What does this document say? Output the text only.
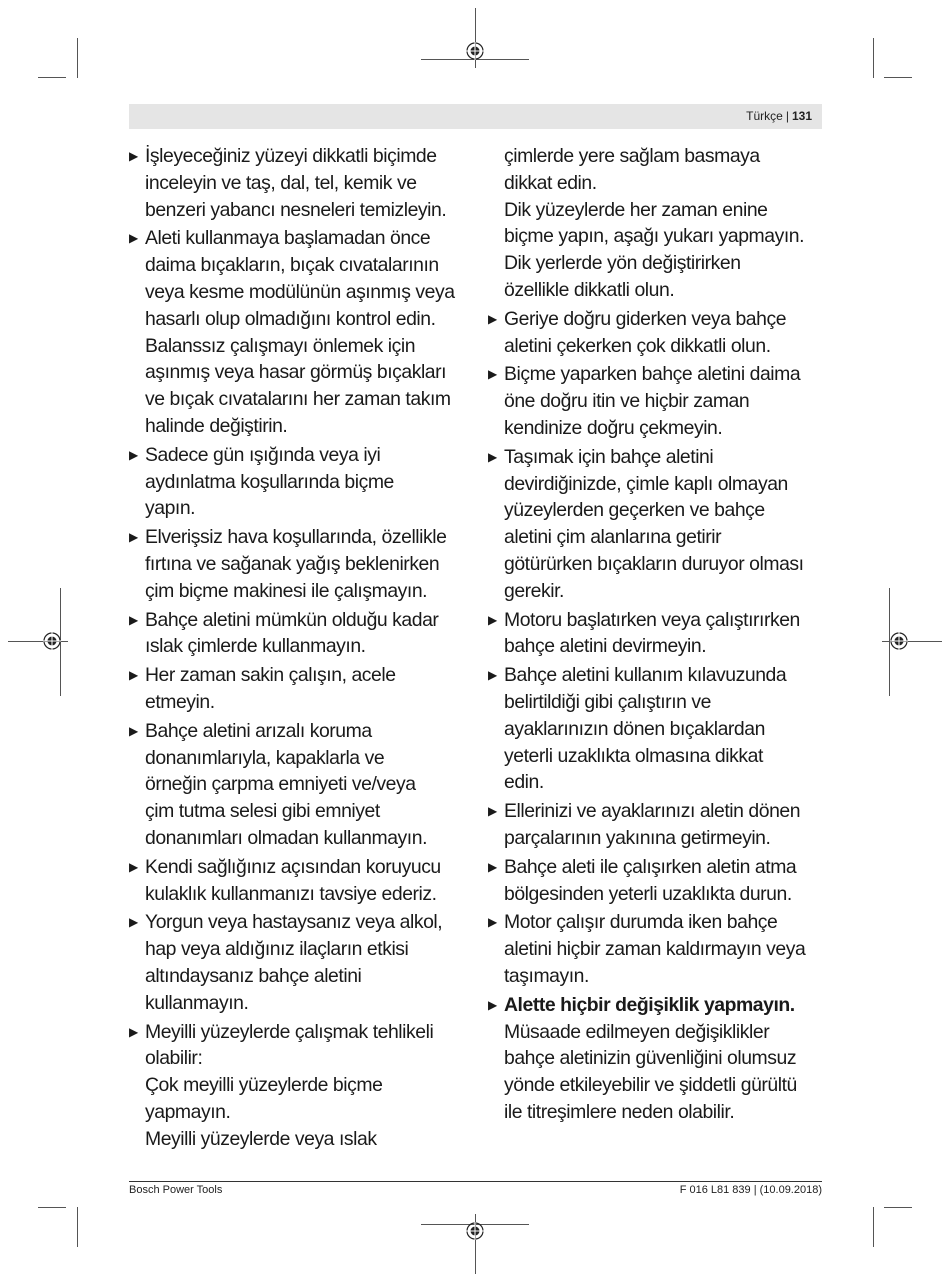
Türkçe | 131
▶ İşleyeceğiniz yüzeyi dikkatli biçimde
inceleyin ve taş, dal, tel, kemik ve
benzeri yabancı nesneleri temizleyin.
▶ Aleti kullanmaya başlamadan önce
daima bıçakların, bıçak cıvatalarının
veya kesme modülünün aşınmış veya
hasarlı olup olmadığını kontrol edin.
Balanssız çalışmayı önlemek için
aşınmış veya hasar görmüş bıçakları
ve bıçak cıvatalarını her zaman takım
halinde değiştirin.
▶ Sadece gün ışığında veya iyi
aydınlatma koşullarında biçme
yapın.
▶ Elverişsiz hava koşullarında, özellikle
fırtına ve sağanak yağış beklenirken
çim biçme makinesi ile çalışmayın.
▶ Bahçe aletini mümkün olduğu kadar
ıslak çimlerde kullanmayın.
▶ Her zaman sakin çalışın, acele
etmeyin.
▶ Bahçe aletini arızalı koruma
donanımlarıyla, kapaklarla ve
örneğin çarpma emniyeti ve/veya
çim tutma selesi gibi emniyet
donanımları olmadan kullanmayın.
▶ Kendi sağlığınız açısından koruyucu
kulaklık kullanmanızı tavsiye ederiz.
▶ Yorgun veya hastaysanız veya alkol,
hap veya aldığınız ilaçların etkisi
altındaysanız bahçe aletini
kullanmayın.
▶ Meyilli yüzeylerde çalışmak tehlikeli
olabilir:
Çok meyilli yüzeylerde biçme
yapmayın.
Meyilli yüzeylerde veya ıslak
çimlerde yere sağlam basmaya
dikkat edin.
Dik yüzeylerde her zaman enine
biçme yapın, aşağı yukarı yapmayın.
Dik yerlerde yön değiştirirken
özellikle dikkatli olun.
▶ Geriye doğru giderken veya bahçe
aletini çekerken çok dikkatli olun.
▶ Biçme yaparken bahçe aletini daima
öne doğru itin ve hiçbir zaman
kendinize doğru çekmeyin.
▶ Taşımak için bahçe aletini
devirdiğinizde, çimle kaplı olmayan
yüzeylerden geçerken ve bahçe
aletini çim alanlarına getirir
götürürken bıçakların duruyor olması
gerekir.
▶ Motoru başlatırken veya çalıştırırken
bahçe aletini devirmeyin.
▶ Bahçe aletini kullanım kılavuzunda
belirtildiği gibi çalıştırın ve
ayaklarınızın dönen bıçaklardan
yeterli uzaklıkta olmasına dikkat
edin.
▶ Ellerinizi ve ayaklarınızı aletin dönen
parçalarının yakınına getirmeyin.
▶ Bahçe aleti ile çalışırken aletin atma
bölgesinden yeterli uzaklıkta durun.
▶ Motor çalışır durumda iken bahçe
aletini hiçbir zaman kaldırmayın veya
taşımayın.
▶ Alette hiçbir değişiklik yapmayın.
Müsaade edilmeyen değişiklikler
bahçe aletinizin güvenliğini olumsuz
yönde etkileyebilir ve şiddetli gürültü
ile titreşimlere neden olabilir.
Bosch Power Tools	F 016 L81 839 | (10.09.2018)
